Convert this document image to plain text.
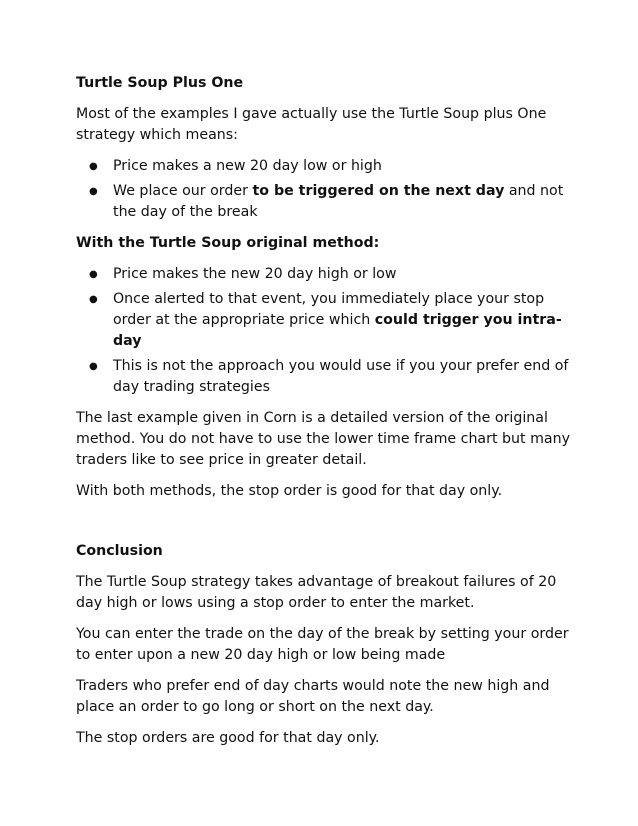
Turtle Soup Plus One

Most of the examples I gave actually use the Turtle Soup plus One strategy which means:

● Price makes a new 20 day low or high
● We place our order to be triggered on the next day and not the day of the break
With the Turtle Soup original method:
● Price makes the new 20 day high or low
● Once alerted to that event, you immediately place your stop order at the appropriate price which could trigger you intra-day
● This is not the approach you would use if you your prefer end of day trading strategies

The last example given in Corn is a detailed version of the original method. You do not have to use the lower time frame chart but many traders like to see price in greater detail.

With both methods, the stop order is good for that day only.

Conclusion

The Turtle Soup strategy takes advantage of breakout failures of 20 day high or lows using a stop order to enter the market.

You can enter the trade on the day of the break by setting your order to enter upon a new 20 day high or low being made

Traders who prefer end of day charts would note the new high and place an order to go long or short on the next day.

The stop orders are good for that day only.
